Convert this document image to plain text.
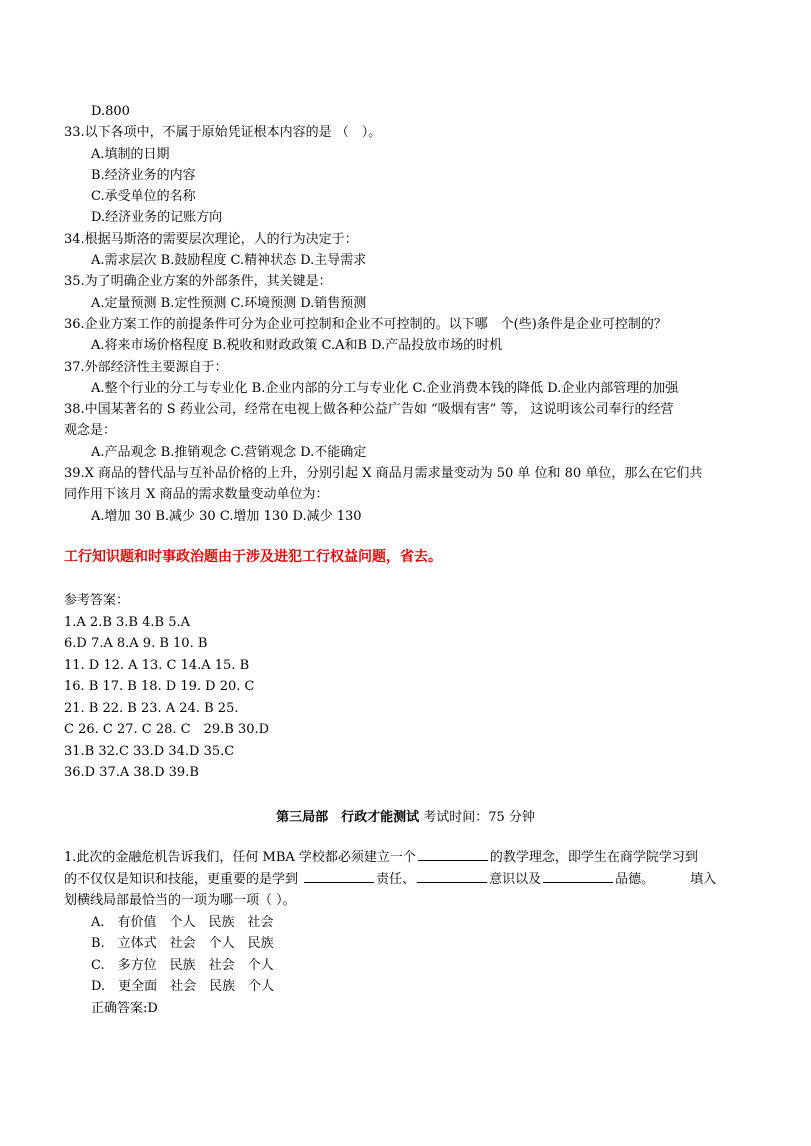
D.800
33.以下各项中，不属于原始凭证根本内容的是 （　）。
A.填制的日期
B.经济业务的内容
C.承受单位的名称
D.经济业务的记账方向
34.根据马斯洛的需要层次理论，人的行为决定于：
A.需求层次 B.鼓励程度 C.精神状态 D.主导需求
35.为了明确企业方案的外部条件，其关键是：
A.定量预测 B.定性预测 C.环境预测 D.销售预测
36.企业方案工作的前提条件可分为企业可控制和企业不可控制的。以下哪　个(些)条件是企业可控制的？
A.将来市场价格程度 B.税收和财政政策 C.A和B D.产品投放市场的时机
37.外部经济性主要源自于：
A.整个行业的分工与专业化 B.企业内部的分工与专业化 C.企业消费本钱的降低 D.企业内部管理的加强
38.中国某著名的 S 药业公司，经常在电视上做各种公益广告如 “吸烟有害” 等， 这说明该公司奉行的经营
观念是：
A.产品观念 B.推销观念 C.营销观念 D.不能确定
39.X 商品的替代品与互补品价格的上升，分别引起 X 商品月需求量变动为 50 单 位和 80 单位，那么在它们共
同作用下该月 X 商品的需求数量变动单位为：
A.增加 30 B.减少 30 C.增加 130 D.减少 130
工行知识题和时事政治题由于涉及进犯工行权益问题，省去。
参考答案：
1.A 2.B 3.B 4.B 5.A
6.D 7.A 8.A 9. B 10. B
11. D 12. A 13. C 14.A 15. B
16. B 17. B 18. D 19. D 20. C
21. B 22. B 23. A 24. B 25.
C 26. C 27. C 28. C　29.B 30.D
31.B 32.C 33.D 34.D 35.C
36.D 37.A 38.D 39.B
第三局部　行政才能测试 考试时间：75 分钟
1.此次的金融危机告诉我们，任何 MBA 学校都必须建立一个	的教学理念，即学生在商学院学习到
的不仅仅是知识和技能，更重要的是学到	责任、	意识以及	品德。	填入
划横线局部最恰当的一项为哪一项（ ）。
A.　有价值　个人　民族　社会
B.　立体式　社会　个人　民族
C.　多方位　民族　社会　个人
D.　更全面　社会　民族　个人
正确答案:D
